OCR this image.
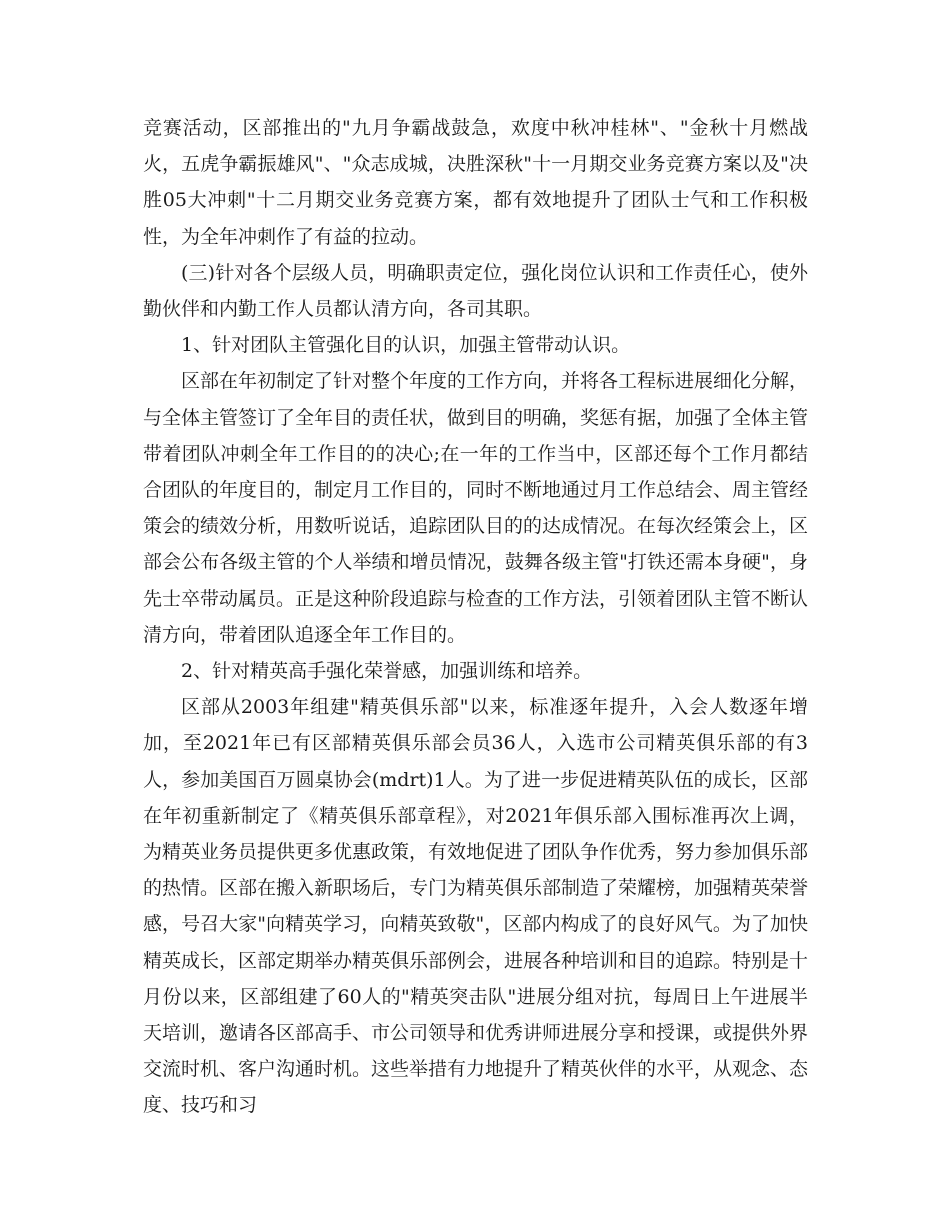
竞赛活动，区部推出的"九月争霸战鼓急，欢度中秋冲桂林"、"金秋十月燃战火，五虎争霸振雄风"、"众志成城，决胜深秋"十一月期交业务竞赛方案以及"决胜05大冲刺"十二月期交业务竞赛方案，都有效地提升了团队士气和工作积极性，为全年冲刺作了有益的拉动。

(三)针对各个层级人员，明确职责定位，强化岗位认识和工作责任心，使外勤伙伴和内勤工作人员都认清方向，各司其职。

1、针对团队主管强化目的认识，加强主管带动认识。

区部在年初制定了针对整个年度的工作方向，并将各工程标进展细化分解，与全体主管签订了全年目的责任状，做到目的明确，奖惩有据，加强了全体主管带着团队冲刺全年工作目的的决心;在一年的工作当中，区部还每个工作月都结合团队的年度目的，制定月工作目的，同时不断地通过月工作总结会、周主管经策会的绩效分析，用数听说话，追踪团队目的的达成情况。在每次经策会上，区部会公布各级主管的个人举绩和增员情况，鼓舞各级主管"打铁还需本身硬"，身先士卒带动属员。正是这种阶段追踪与检查的工作方法，引领着团队主管不断认清方向，带着团队追逐全年工作目的。

2、针对精英高手强化荣誉感，加强训练和培养。

区部从2003年组建"精英俱乐部"以来，标准逐年提升，入会人数逐年增加，至2021年已有区部精英俱乐部会员36人，入选市公司精英俱乐部的有3人，参加美国百万圆桌协会(mdrt)1人。为了进一步促进精英队伍的成长，区部在年初重新制定了《精英俱乐部章程》，对2021年俱乐部入围标准再次上调，为精英业务员提供更多优惠政策，有效地促进了团队争作优秀，努力参加俱乐部的热情。区部在搬入新职场后，专门为精英俱乐部制造了荣耀榜，加强精英荣誉感，号召大家"向精英学习，向精英致敬"，区部内构成了的良好风气。为了加快精英成长，区部定期举办精英俱乐部例会，进展各种培训和目的追踪。特别是十月份以来，区部组建了60人的"精英突击队"进展分组对抗，每周日上午进展半天培训，邀请各区部高手、市公司领导和优秀讲师进展分享和授课，或提供外界交流时机、客户沟通时机。这些举措有力地提升了精英伙伴的水平，从观念、态度、技巧和习
